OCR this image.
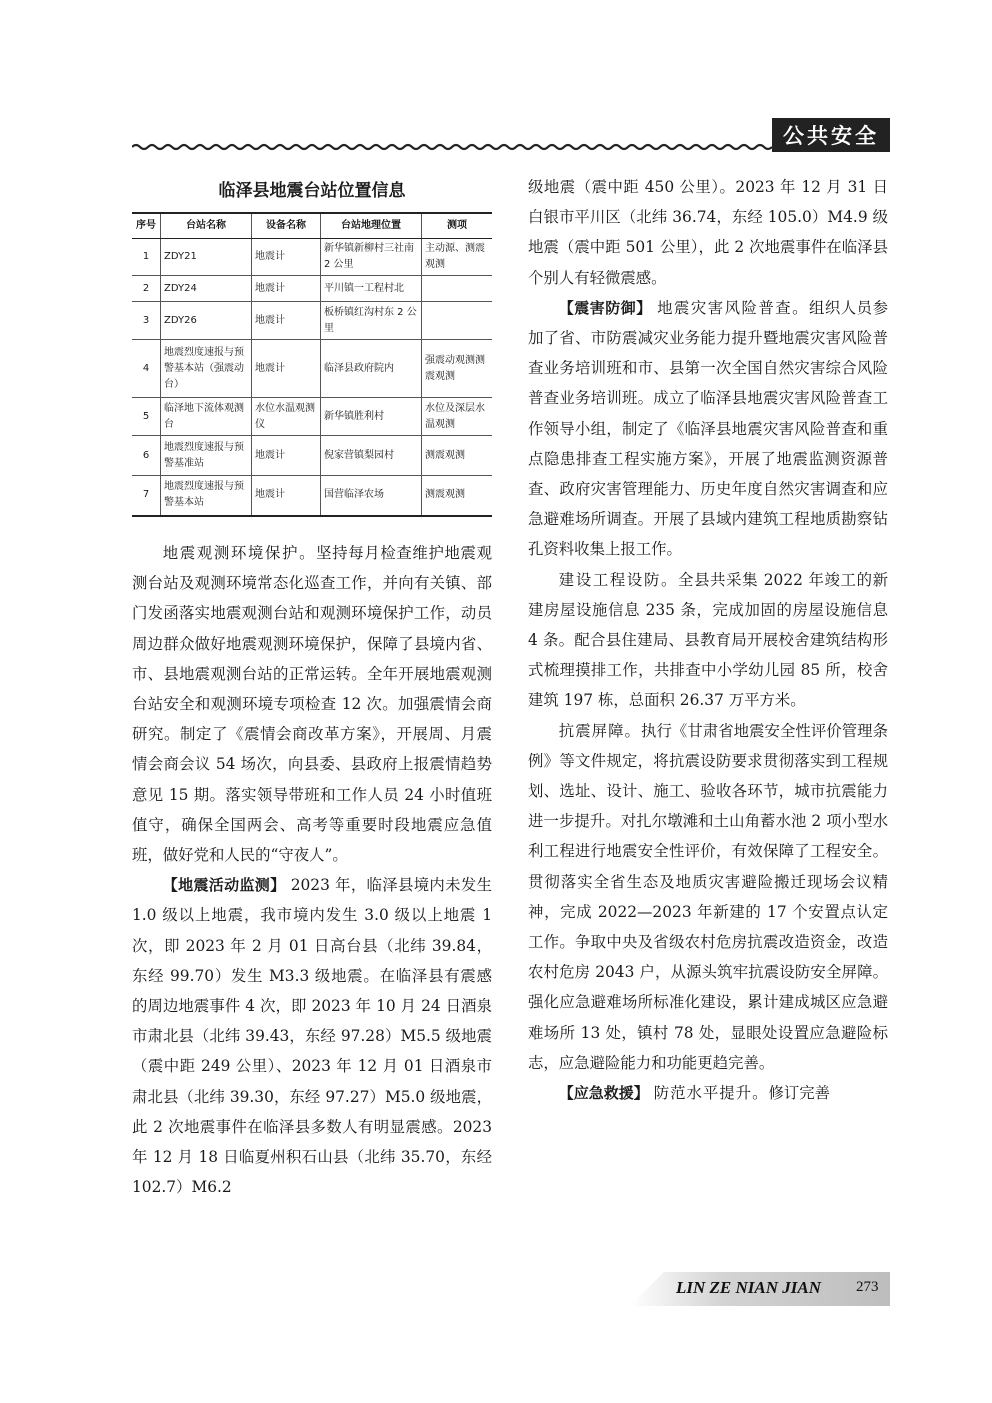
公共安全
临泽县地震台站位置信息
序号	台站名称	设备名称	台站地理位置	测项
1	ZDY21	地震计	新华镇新柳村三社南 2 公里	主动源、测震观测
2	ZDY24	地震计	平川镇一工程村北	
3	ZDY26	地震计	板桥镇红沟村东 2 公里	
4	地震烈度速报与预警基本站（强震动台）	地震计	临泽县政府院内	强震动观测测震观测
5	临泽地下流体观测台	水位水温观测仪	新华镇胜利村	水位及深层水温观测
6	地震烈度速报与预警基准站	地震计	倪家营镇梨园村	测震观测
7	地震烈度速报与预警基本站	地震计	国营临泽农场	测震观测

地震观测环境保护。坚持每月检查维护地震观测台站及观测环境常态化巡查工作，并向有关镇、部门发函落实地震观测台站和观测环境保护工作，动员周边群众做好地震观测环境保护，保障了县境内省、市、县地震观测台站的正常运转。全年开展地震观测台站安全和观测环境专项检查 12 次。加强震情会商研究。制定了《震情会商改革方案》，开展周、月震情会商会议 54 场次，向县委、县政府上报震情趋势意见 15 期。落实领导带班和工作人员 24 小时值班值守，确保全国两会、高考等重要时段地震应急值班，做好党和人民的“守夜人”。

【地震活动监测】 2023 年，临泽县境内未发生 1.0 级以上地震，我市境内发生 3.0 级以上地震 1 次，即 2023 年 2 月 01 日高台县（北纬 39.84，东经 99.70）发生 M3.3 级地震。在临泽县有震感的周边地震事件 4 次，即 2023 年 10 月 24 日酒泉市肃北县（北纬 39.43，东经 97.28）M5.5 级地震（震中距 249 公里）、2023 年 12 月 01 日酒泉市肃北县（北纬 39.30，东经 97.27）M5.0 级地震，此 2 次地震事件在临泽县多数人有明显震感。2023 年 12 月 18 日临夏州积石山县（北纬 35.70，东经 102.7）M6.2

级地震（震中距 450 公里）。2023 年 12 月 31 日白银市平川区（北纬 36.74，东经 105.0）M4.9 级地震（震中距 501 公里），此 2 次地震事件在临泽县个别人有轻微震感。

【震害防御】 地震灾害风险普查。组织人员参加了省、市防震减灾业务能力提升暨地震灾害风险普查业务培训班和市、县第一次全国自然灾害综合风险普查业务培训班。成立了临泽县地震灾害风险普查工作领导小组，制定了《临泽县地震灾害风险普查和重点隐患排查工程实施方案》，开展了地震监测资源普查、政府灾害管理能力、历史年度自然灾害调查和应急避难场所调查。开展了县域内建筑工程地质勘察钻孔资料收集上报工作。

建设工程设防。全县共采集 2022 年竣工的新建房屋设施信息 235 条，完成加固的房屋设施信息 4 条。配合县住建局、县教育局开展校舍建筑结构形式梳理摸排工作，共排查中小学幼儿园 85 所，校舍建筑 197 栋，总面积 26.37 万平方米。

抗震屏障。执行《甘肃省地震安全性评价管理条例》等文件规定，将抗震设防要求贯彻落实到工程规划、选址、设计、施工、验收各环节，城市抗震能力进一步提升。对扎尔墩滩和土山角蓄水池 2 项小型水利工程进行地震安全性评价，有效保障了工程安全。贯彻落实全省生态及地质灾害避险搬迁现场会议精神，完成 2022—2023 年新建的 17 个安置点认定工作。争取中央及省级农村危房抗震改造资金，改造农村危房 2043 户，从源头筑牢抗震设防安全屏障。强化应急避难场所标准化建设，累计建成城区应急避难场所 13 处，镇村 78 处，显眼处设置应急避险标志，应急避险能力和功能更趋完善。

【应急救援】 防范水平提升。修订完善

LIN ZE NIAN JIAN 273
